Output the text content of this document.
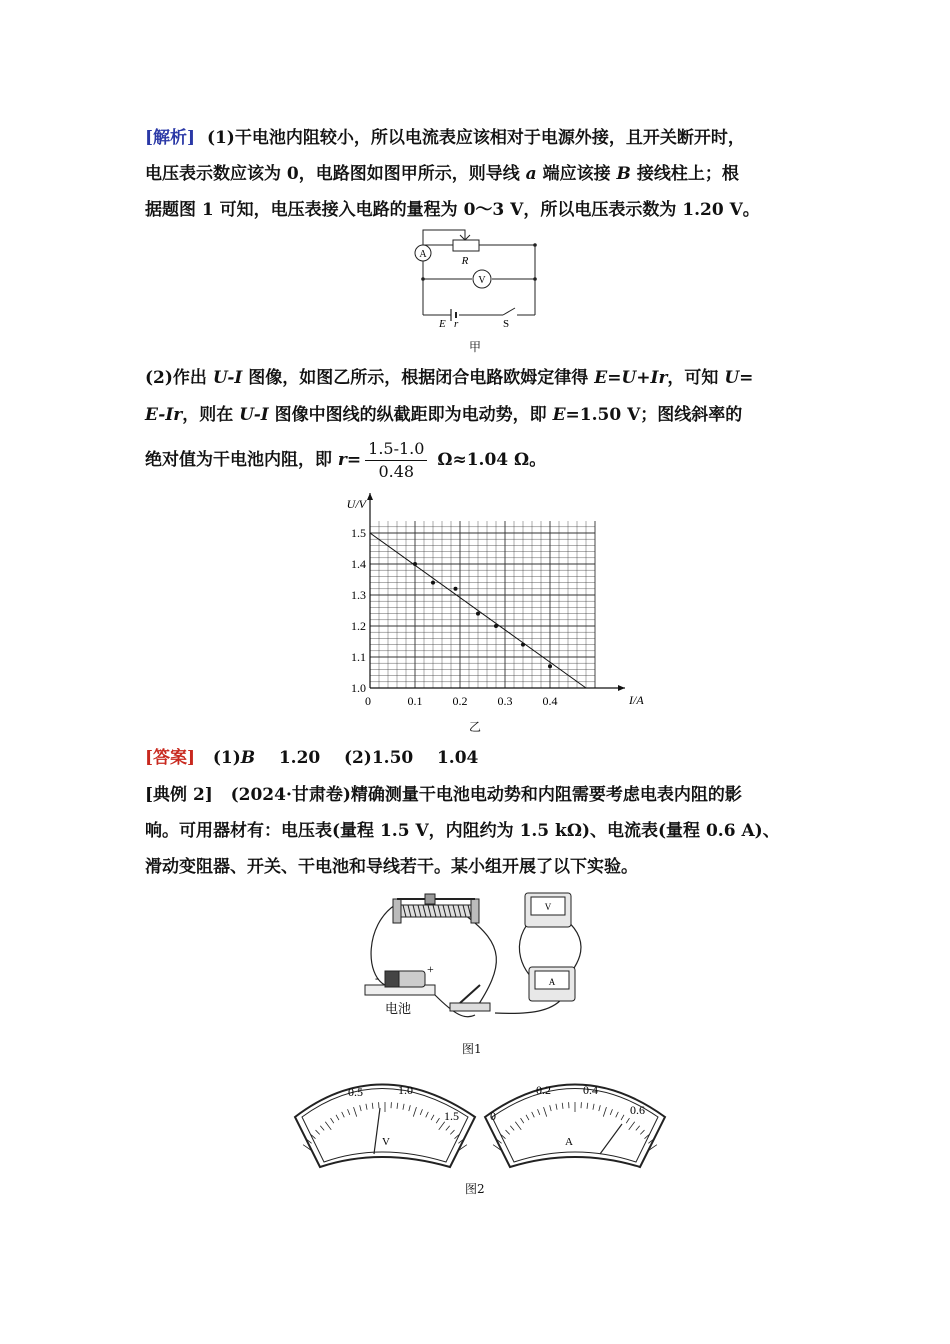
[解析] (1)干电池内阻较小，所以电流表应该相对于电源外接，且开关断开时，
电压表示数应该为 0，电路图如图甲所示，则导线 a 端应该接 B 接线柱上；根
据题图 1 可知，电压表接入电路的量程为 0～3 V，所以电压表示数为 1.20 V。
A
V
R
E r	S
甲
(2)作出 U-I 图像，如图乙所示，根据闭合电路欧姆定律得 E=U+Ir，可知 U=
E-Ir，则在 U-I 图像中图线的纵截距即为电动势，即 E=1.50 V；图线斜率的
绝对值为干电池内阻，即 $r= \frac{1.5-1.0}{0.48} \Omega\approx 1.04$ Ω。
U/V
I/A
0	0.1	0.2	0.3	0.4
1.0
1.1
1.2
1.3
1.4
1.5
乙
[答案] (1)B 1.20 (2)1.50 1.04
[典例 2] (2024·甘肃卷)精确测量干电池电动势和内阻需要考虑电表内阻的影
响。可用器材有：电压表(量程 1.5 V，内阻约为 1.5 kΩ)、电流表(量程 0.6 A)、
滑动变阻器、开关、干电池和导线若干。某小组开展了以下实验。
-
+
电池
V
A
图1
0.5	1.0
1.5
V
0
0.2	0.4
0.6
A
图2
